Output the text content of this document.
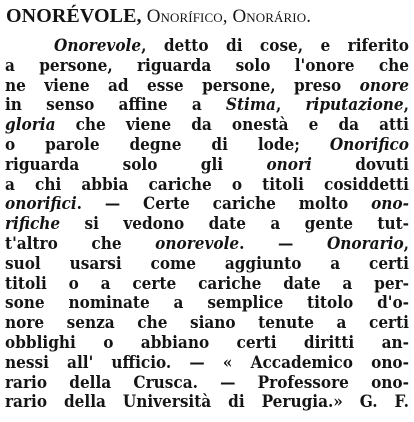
ONORÉVOLE, Onorífico, Onorário.
Onorevole, detto di cose, e riferito
a persone, riguarda solo l'onore che
ne viene ad esse persone, preso onore
in senso affine a Stima, riputazione,
gloria che viene da onestà e da atti
o parole degne di lode; Onorifico
riguarda solo gli onori dovuti
a chi abbia cariche o titoli cosiddetti
onorifici. — Certe cariche molto ono-
rifiche si vedono date a gente tut-
t'altro che onorevole. — Onorario,
suol usarsi come aggiunto a certi
titoli o a certe cariche date a per-
sone nominate a semplice titolo d'o-
nore senza che siano tenute a certi
obblighi o abbiano certi diritti an-
nessi all' ufficio. — « Accademico ono-
rario della Crusca. — Professore ono-
rario della Università di Perugia.» G. F.
